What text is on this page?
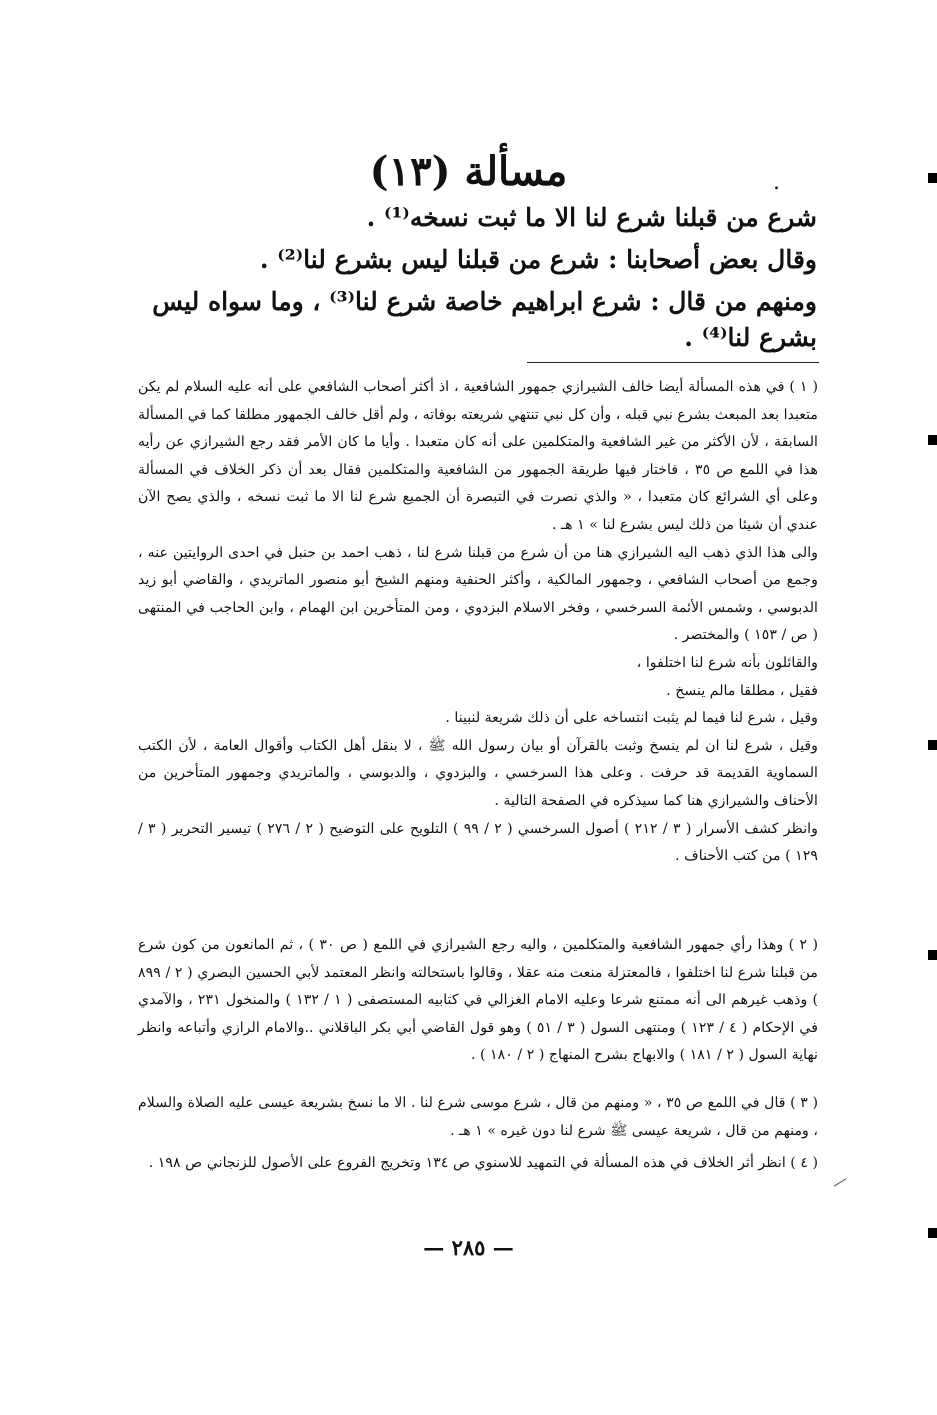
مسألة (١٣)	.
شرع من قبلنا شرع لنا الا ما ثبت نسخه⁽¹⁾ .
وقال بعض أصحابنا : شرع من قبلنا ليس بشرع لنا⁽²⁾ .
ومنهم من قال : شرع ابراهيم خاصة شرع لنا⁽³⁾ ، وما سواه ليس
بشرع لنا⁽⁴⁾ .

( ١ ) في هذه المسألة أيضا خالف الشيرازي جمهور الشافعية ، اذ أكثر أصحاب الشافعي على أنه عليه السلام لم يكن متعبدا بعد المبعث بشرع نبي قبله ، وأن كل نبي تنتهي شريعته بوفاته ، ولم أقل خالف الجمهور مطلقا كما في المسألة السابقة ، لأن الأكثر من غير الشافعية والمتكلمين على أنه كان متعبدا . وأيا ما كان الأمر فقد رجع الشيرازي عن رأيه هذا في اللمع ص ٣٥ ، فاختار فيها طريقة الجمهور من الشافعية والمتكلمين فقال بعد أن ذكر الخلاف في المسألة وعلى أي الشرائع كان متعبدا ، « والذي نصرت في التبصرة أن الجميع شرع لنا الا ما ثبت نسخه ، والذي يصح الآن عندي أن شيئا من ذلك ليس بشرع لنا » ١ هـ .

والى هذا الذي ذهب اليه الشيرازي هنا من أن شرع من قبلنا شرع لنا ، ذهب احمد بن حنبل في احدى الروايتين عنه ، وجمع من أصحاب الشافعي ، وجمهور المالكية ، وأكثر الحنفية ومنهم الشيخ أبو منصور الماتريدي ، والقاضي أبو زيد الدبوسي ، وشمس الأئمة السرخسي ، وفخر الاسلام البزدوي ، ومن المتأخرين ابن الهمام ، وابن الحاجب في المنتهى ( ص / ١٥٣ ) والمختصر .

والقائلون بأنه شرع لنا اختلفوا ،

فقيل ، مطلقا مالم ينسخ .

وقيل ، شرع لنا فيما لم يثبت انتساخه على أن ذلك شريعة لنبينا .

وقيل ، شرع لنا ان لم ينسخ وثبت بالقرآن أو بيان رسول الله ﷺ ، لا بنقل أهل الكتاب وأقوال العامة ، لأن الكتب السماوية القديمة قد حرفت . وعلى هذا السرخسي ، والبزدوي ، والدبوسي ، والماتريدي وجمهور المتأخرين من الأحناف والشيرازي هنا كما سيذكره في الصفحة التالية .

وانظر كشف الأسرار ( ٣ / ٢١٢ ) أصول السرخسي ( ٢ / ٩٩ ) التلويح على التوضيح ( ٢ / ٢٧٦ ) تيسير التحرير ( ٣ / ١٢٩ ) من كتب الأحناف .

( ٢ ) وهذا رأي جمهور الشافعية والمتكلمين ، واليه رجع الشيرازي في اللمع ( ص ٣٠ ) ، ثم المانعون من كون شرع من قبلنا شرع لنا اختلفوا ، فالمعتزلة منعت منه عقلا ، وقالوا باستحالته وانظر المعتمد لأبي الحسين البصري ( ٢ / ٨٩٩ ) وذهب غيرهم الى أنه ممتنع شرعا وعليه الامام الغزالي في كتابيه المستصفى ( ١ / ١٣٢ ) والمنخول ٢٣١ ، والآمدي في الإحكام ( ٤ / ١٢٣ ) ومنتهى السول ( ٣ / ٥١ ) وهو قول القاضي أبي بكر الباقلاني ..والامام الرازي وأتباعه وانظر نهاية السول ( ٢ / ١٨١ ) والابهاج بشرح المنهاج ( ٢ / ١٨٠ ) .
( ٣ ) قال في اللمع ص ٣٥ ، « ومنهم من قال ، شرع موسى شرع لنا . الا ما نسخ بشريعة عيسى عليه الصلاة والسلام ، ومنهم من قال ، شريعة عيسى ﷺ شرع لنا دون غيره » ١ هـ .
( ٤ ) انظر أثر الخلاف في هذه المسألة في التمهيد للاسنوي ص ١٣٤ وتخريج الفروع على الأصول للزنجاني ص ١٩٨ .
— ٢٨٥ —
